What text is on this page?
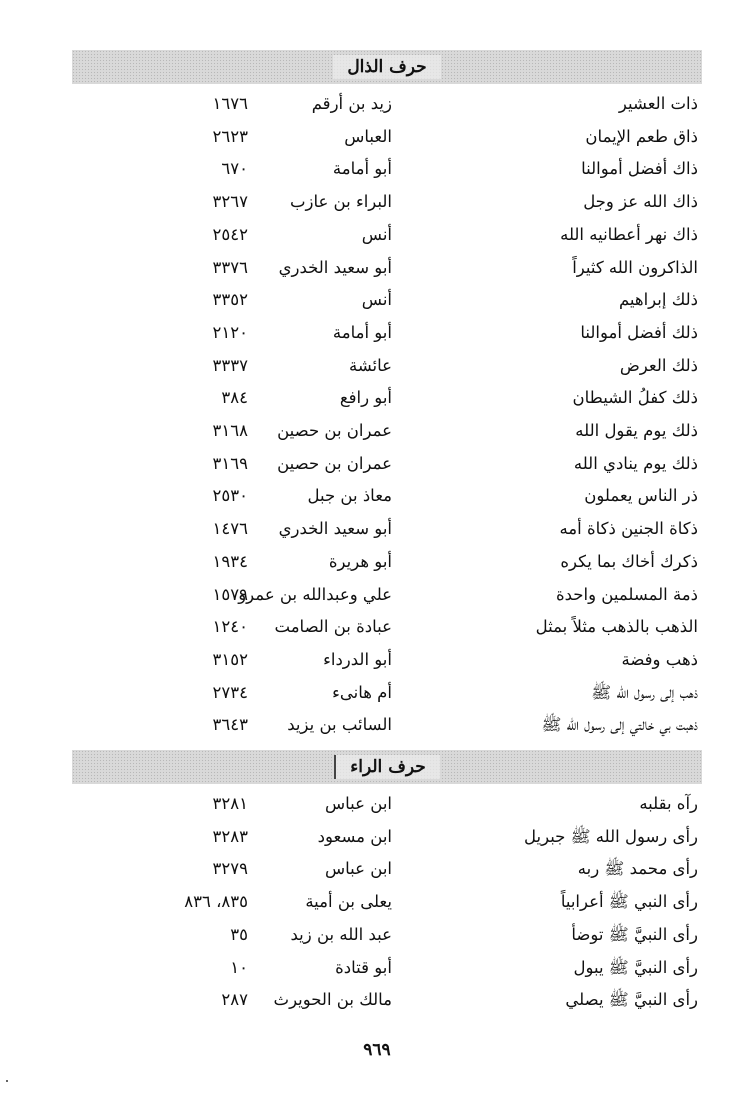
حرف الذال
ذات العشير
زيد بن أرقم
١٦٧٦
ذاق طعم الإيمان
العباس
٢٦٢٣
ذاك أفضل أموالنا
أبو أمامة
٦٧٠
ذاك الله عز وجل
البراء بن عازب
٣٢٦٧
ذاك نهر أعطانيه الله
أنس
٢٥٤٢
الذاكرون الله كثيراً
أبو سعيد الخدري
٣٣٧٦
ذلك إبراهيم
أنس
٣٣٥٢
ذلك أفضل أموالنا
أبو أمامة
٢١٢٠
ذلك العرض
عائشة
٣٣٣٧
ذلك كفلُ الشيطان
أبو رافع
٣٨٤
ذلك يوم يقول الله
عمران بن حصين
٣١٦٨
ذلك يوم ينادي الله
عمران بن حصين
٣١٦٩
ذر الناس يعملون
معاذ بن جبل
٢٥٣٠
ذكاة الجنين ذكاة أمه
أبو سعيد الخدري
١٤٧٦
ذكرك أخاك بما يكره
أبو هريرة
١٩٣٤
ذمة المسلمين واحدة
علي وعبدالله بن عمرو
١٥٧٩
الذهب بالذهب مثلاً بمثل
عبادة بن الصامت
١٢٤٠
ذهب وفضة
أبو الدرداء
٣١٥٢
ذهب إلى رسول الله ﷺ
أم هانىء
٢٧٣٤
ذهبت بي خالتي إلى رسول الله ﷺ
السائب بن يزيد
٣٦٤٣
حرف الراء
رآه بقلبه
ابن عباس
٣٢٨١
رأى رسول الله ﷺ جبريل
ابن مسعود
٣٢٨٣
رأى محمد ﷺ ربه
ابن عباس
٣٢٧٩
رأى النبي ﷺ أعرابياً
يعلى بن أمية
٨٣٥، ٨٣٦
رأى النبيَّ ﷺ توضأ
عبد الله بن زيد
٣٥
رأى النبيَّ ﷺ يبول
أبو قتادة
١٠
رأى النبيَّ ﷺ يصلي
مالك بن الحويرث
٢٨٧
٩٦٩
